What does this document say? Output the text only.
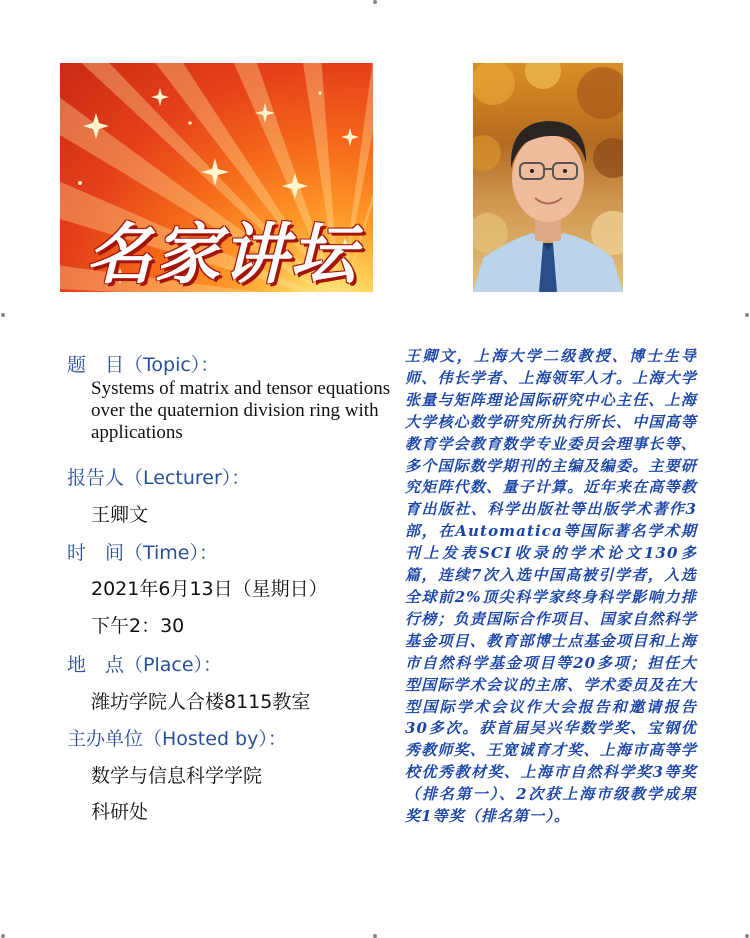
名 家 讲 坛
题　目（Topic）：
Systems of matrix and tensor equations over the quaternion division ring with applications
报告人（Lecturer）：
王卿文
时　间（Time）：
2021年6月13日（星期日）
下午2：30
地　点（Place）：
潍坊学院人合楼8115教室
主办单位（Hosted by）：
数学与信息科学学院
科研处
王卿文，上海大学二级教授、博士生导师、伟长学者、上海领军人才。上海大学张量与矩阵理论国际研究中心主任、上海大学核心数学研究所执行所长、中国高等教育学会教育数学专业委员会理事长等、多个国际数学期刊的主编及编委。主要研究矩阵代数、量子计算。近年来在高等教育出版社、科学出版社等出版学术著作3部，在Automatica等国际著名学术期刊上发表SCI收录的学术论文130多篇，连续7次入选中国高被引学者，入选全球前2%顶尖科学家终身科学影响力排行榜；负责国际合作项目、国家自然科学基金项目、教育部博士点基金项目和上海市自然科学基金项目等20多项；担任大型国际学术会议的主席、学术委员及在大型国际学术会议作大会报告和邀请报告30多次。获首届吴兴华数学奖、宝钢优秀教师奖、王宽诚育才奖、上海市高等学校优秀教材奖、上海市自然科学奖3等奖（排名第一）、2次获上海市级教学成果奖1等奖（排名第一）。
